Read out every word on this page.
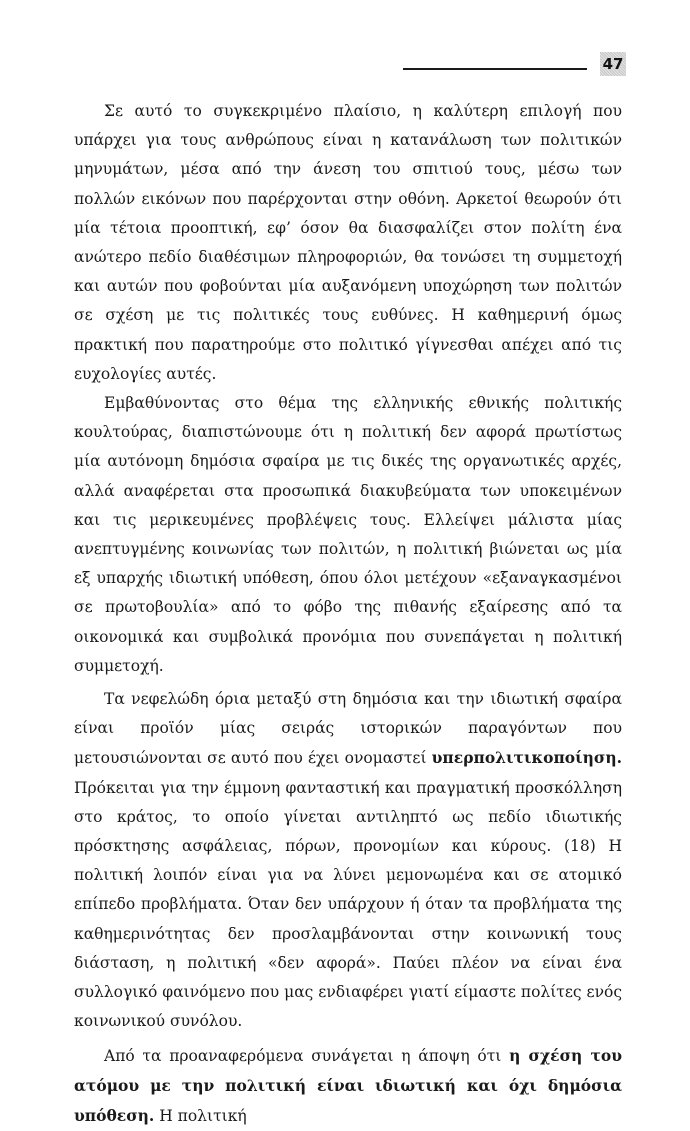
47

Σε αυτό το συγκεκριμένο πλαίσιο, η καλύτερη επιλογή που υπάρχει για τους ανθρώπους είναι η κατανάλωση των πολιτικών μηνυμάτων, μέσα από την άνεση του σπιτιού τους, μέσω των πολλών εικόνων που παρέρχονται στην οθόνη. Αρκετοί θεωρούν ότι μία τέτοια προοπτική, εφ’ όσον θα διασφαλίζει στον πολίτη ένα ανώτερο πεδίο διαθέσιμων πληροφοριών, θα τονώσει τη συμμετοχή και αυτών που φοβούνται μία αυξανόμενη υποχώρηση των πολιτών σε σχέση με τις πολιτικές τους ευθύνες. Η καθημερινή όμως πρακτική που παρατηρούμε στο πολιτικό γίγνεσθαι απέχει από τις ευχολογίες αυτές.

Εμβαθύνοντας στο θέμα της ελληνικής εθνικής πολιτικής κουλτούρας, διαπιστώνουμε ότι η πολιτική δεν αφορά πρωτίστως μία αυτόνομη δημόσια σφαίρα με τις δικές της οργανωτικές αρχές, αλλά αναφέρεται στα προσωπικά διακυβεύματα των υποκειμένων και τις μερικευμένες προβλέψεις τους. Ελλείψει μάλιστα μίας ανεπτυγμένης κοινωνίας των πολιτών, η πολιτική βιώνεται ως μία εξ υπαρχής ιδιωτική υπόθεση, όπου όλοι μετέχουν «εξαναγκασμένοι σε πρωτοβουλία» από το φόβο της πιθανής εξαίρεσης από τα οικονομικά και συμβολικά προνόμια που συνεπάγεται η πολιτική συμμετοχή.

Τα νεφελώδη όρια μεταξύ στη δημόσια και την ιδιωτική σφαίρα είναι προϊόν μίας σειράς ιστορικών παραγόντων που μετουσιώνονται σε αυτό που έχει ονομαστεί υπερπολιτικοποίηση. Πρόκειται για την έμμονη φανταστική και πραγματική προσκόλληση στο κράτος, το οποίο γίνεται αντιληπτό ως πεδίο ιδιωτικής πρόσκτησης ασφάλειας, πόρων, προνομίων και κύρους. (18) Η πολιτική λοιπόν είναι για να λύνει μεμονωμένα και σε ατομικό επίπεδο προβλήματα. Όταν δεν υπάρχουν ή όταν τα προβλήματα της καθημερινότητας δεν προσλαμβάνονται στην κοινωνική τους διάσταση, η πολιτική «δεν αφορά». Παύει πλέον να είναι ένα συλλογικό φαινόμενο που μας ενδιαφέρει γιατί είμαστε πολίτες ενός κοινωνικού συνόλου.

Από τα προαναφερόμενα συνάγεται η άποψη ότι η σχέση του ατόμου με την πολιτική είναι ιδιωτική και όχι δημόσια υπόθεση. Η πολιτική
